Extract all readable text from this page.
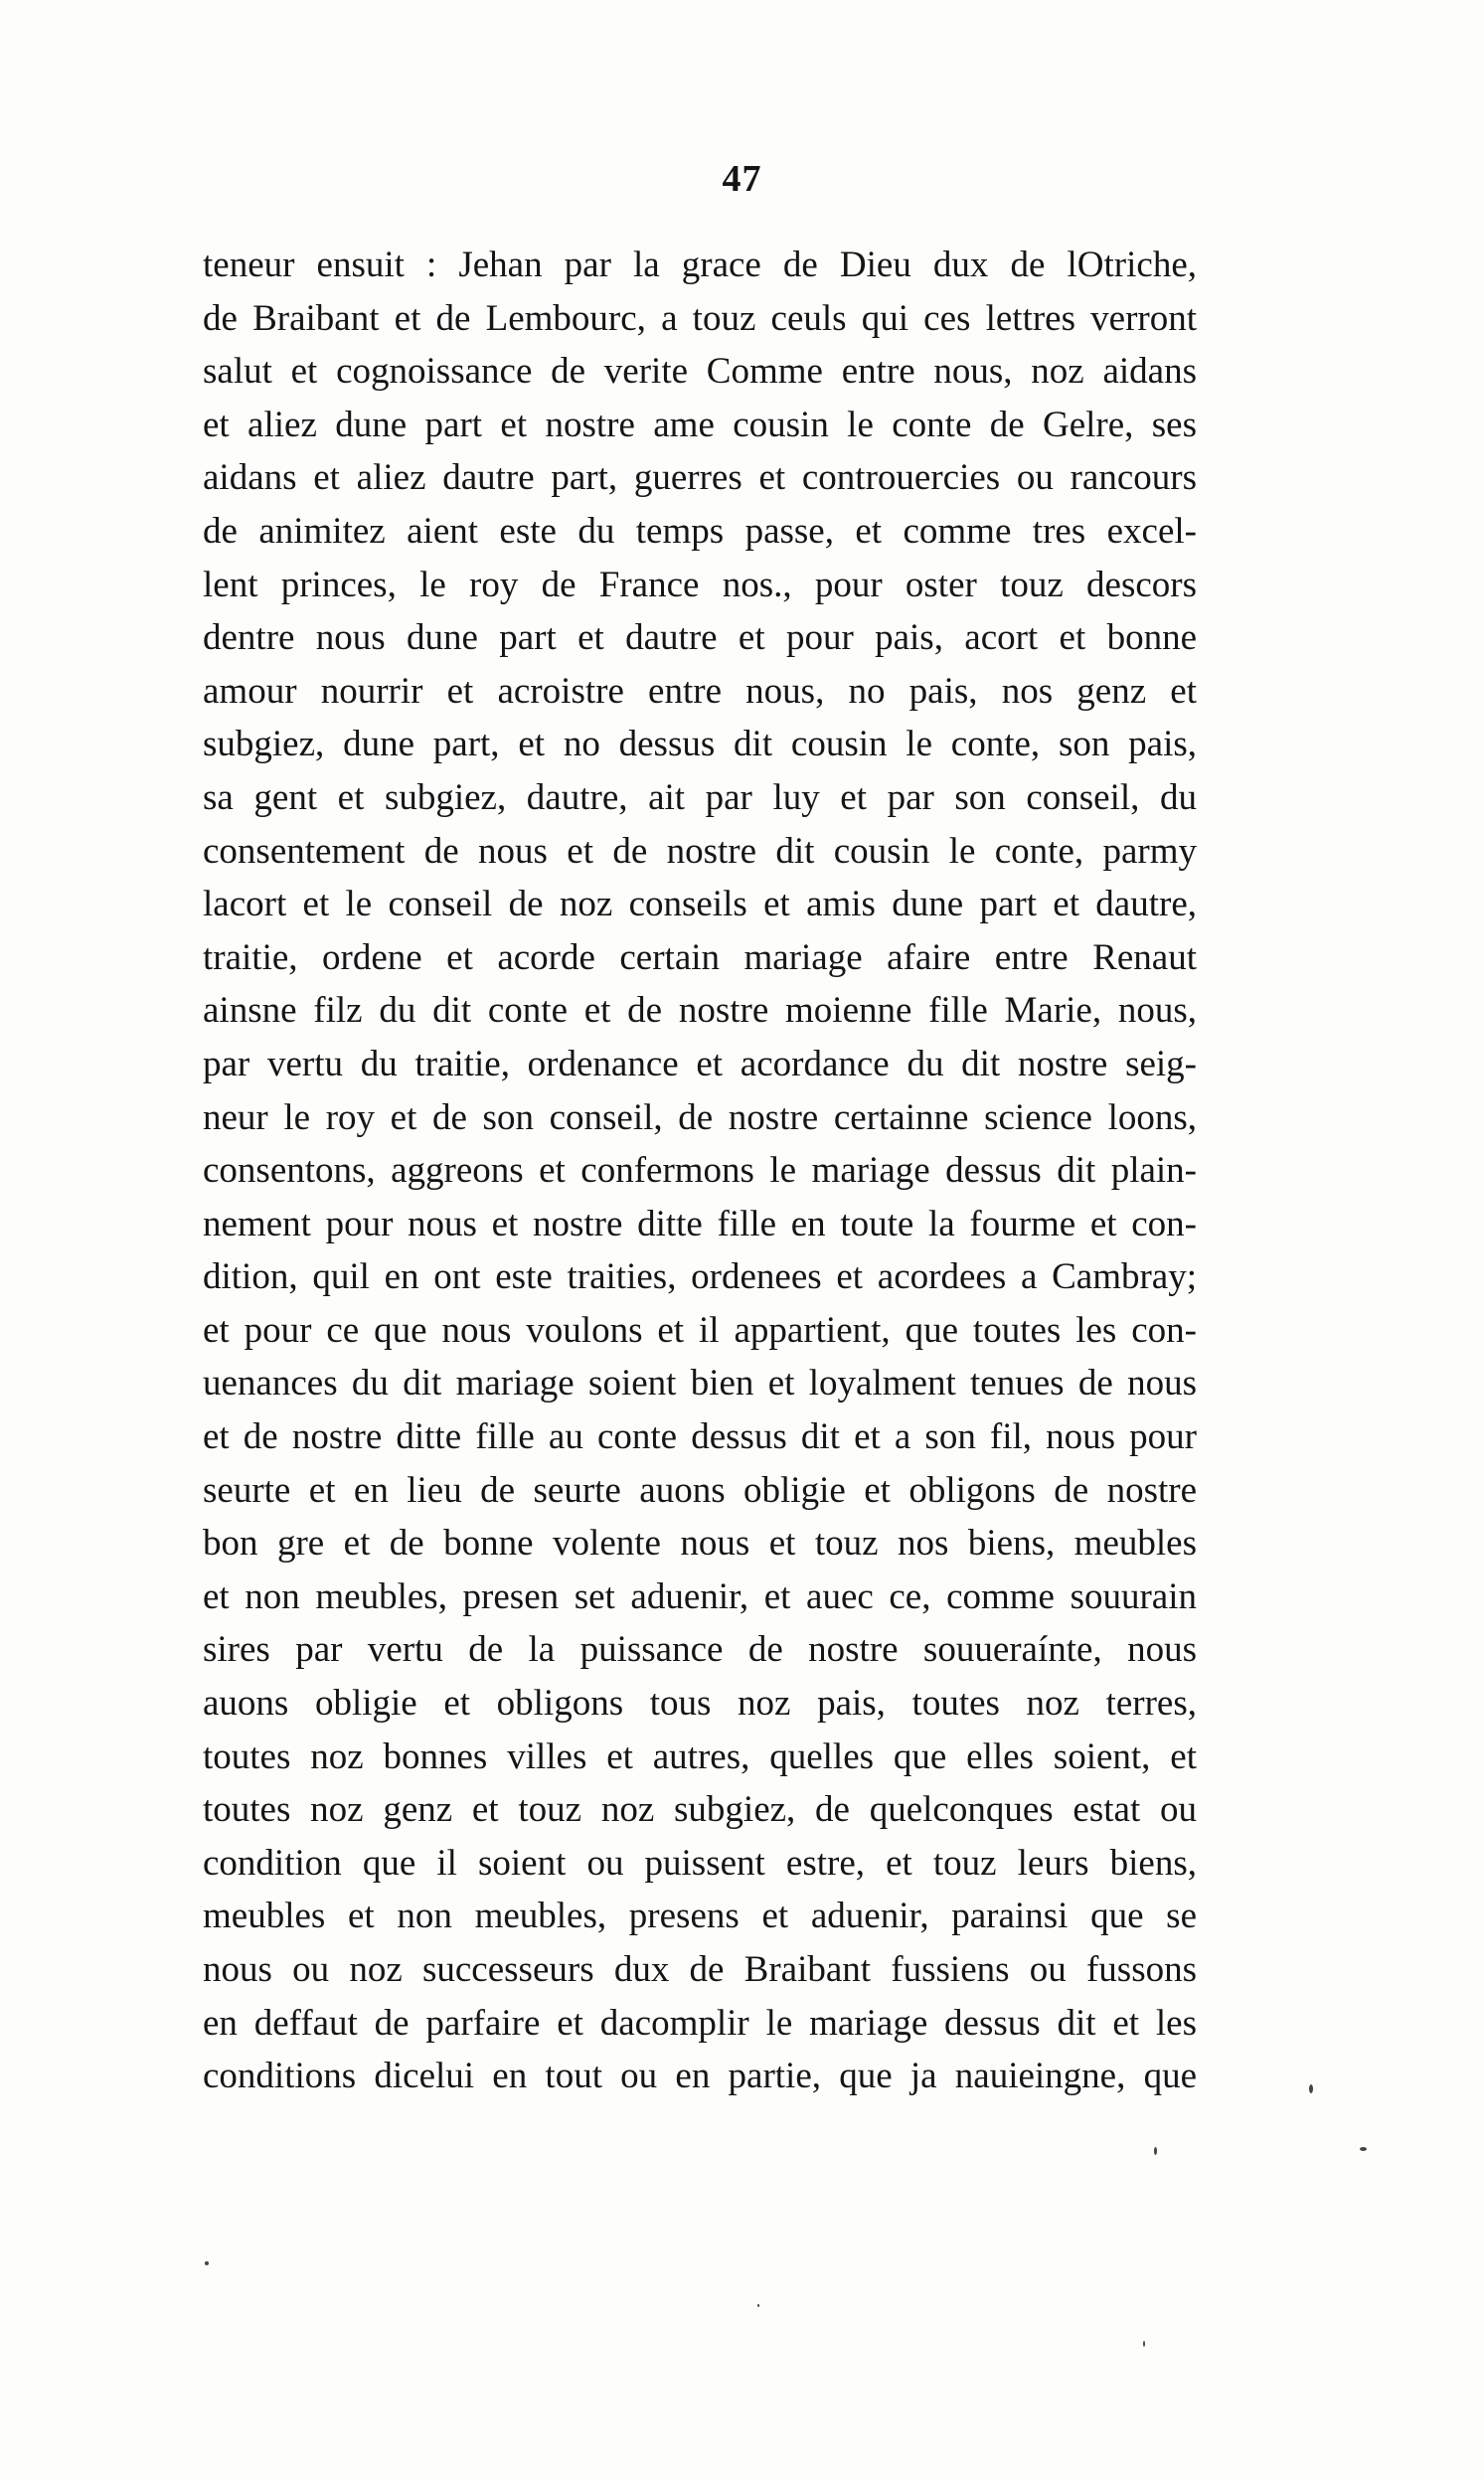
47
teneur ensuit : Jehan par la grace de Dieu dux de lOtriche,
de Braibant et de Lembourc, a touz ceuls qui ces lettres verront
salut et cognoissance de verite Comme entre nous, noz aidans
et aliez dune part et nostre ame cousin le conte de Gelre, ses
aidans et aliez dautre part, guerres et controuercies ou rancours
de animitez aient este du temps passe, et comme tres excel-
lent princes, le roy de France nos., pour oster touz descors
dentre nous dune part et dautre et pour pais, acort et bonne
amour nourrir et acroistre entre nous, no pais, nos genz et
subgiez, dune part, et no dessus dit cousin le conte, son pais,
sa gent et subgiez, dautre, ait par luy et par son conseil, du
consentement de nous et de nostre dit cousin le conte, parmy
lacort et le conseil de noz conseils et amis dune part et dautre,
traitie, ordene et acorde certain mariage afaire entre Renaut
ainsne filz du dit conte et de nostre moienne fille Marie, nous,
par vertu du traitie, ordenance et acordance du dit nostre seig-
neur le roy et de son conseil, de nostre certainne science loons,
consentons, aggreons et confermons le mariage dessus dit plain-
nement pour nous et nostre ditte fille en toute la fourme et con-
dition, quil en ont este traities, ordenees et acordees a Cambray;
et pour ce que nous voulons et il appartient, que toutes les con-
uenances du dit mariage soient bien et loyalment tenues de nous
et de nostre ditte fille au conte dessus dit et a son fil, nous pour
seurte et en lieu de seurte auons obligie et obligons de nostre
bon gre et de bonne volente nous et touz nos biens, meubles
et non meubles, presen set aduenir, et auec ce, comme souurain
sires par vertu de la puissance de nostre souueraínte, nous
auons obligie et obligons tous noz pais, toutes noz terres,
toutes noz bonnes villes et autres, quelles que elles soient, et
toutes noz genz et touz noz subgiez, de quelconques estat ou
condition que il soient ou puissent estre, et touz leurs biens,
meubles et non meubles, presens et aduenir, parainsi que se
nous ou noz successeurs dux de Braibant fussiens ou fussons
en deffaut de parfaire et dacomplir le mariage dessus dit et les
conditions dicelui en tout ou en partie, que ja nauieingne, que
